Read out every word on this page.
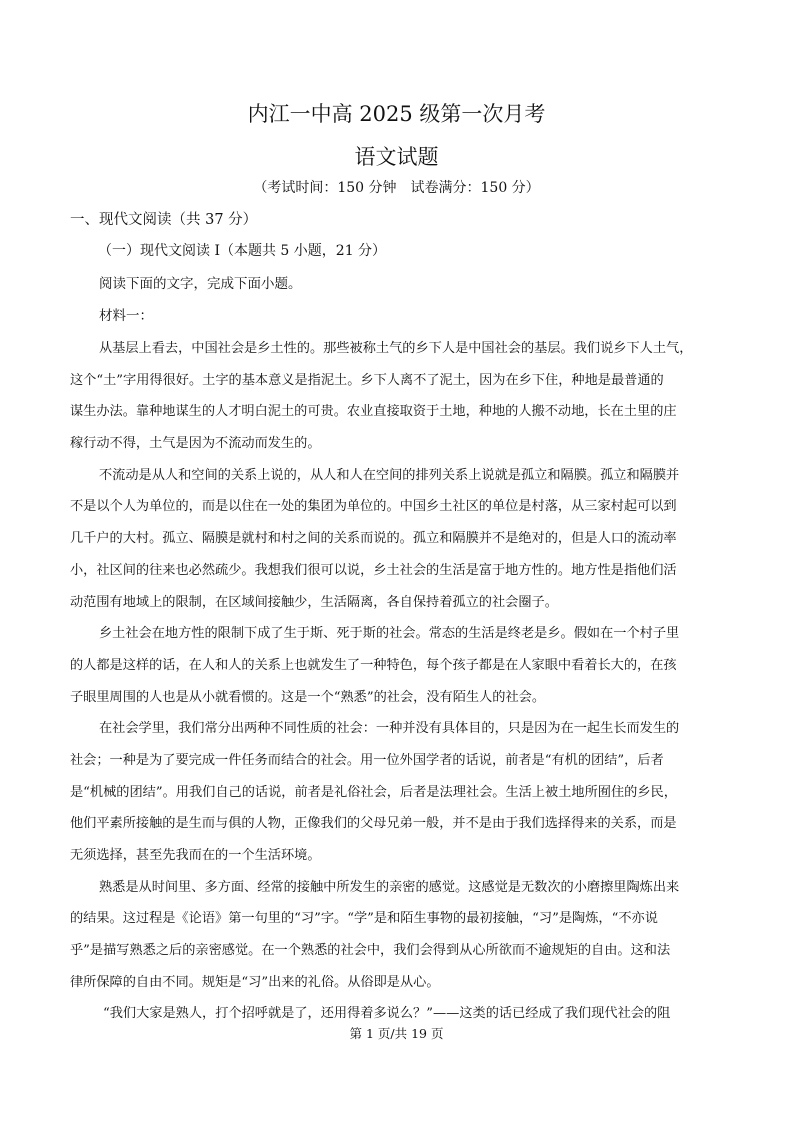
内江一中高 2025 级第一次月考
语文试题
（考试时间：150 分钟　试卷满分：150 分）
一、现代文阅读（共 37 分）
（一）现代文阅读 Ⅰ（本题共 5 小题，21 分）
阅读下面的文字，完成下面小题。
材料一：
从基层上看去，中国社会是乡土性的。那些被称土气的乡下人是中国社会的基层。我们说乡下人土气，
这个“土”字用得很好。土字的基本意义是指泥土。乡下人离不了泥土，因为在乡下住，种地是最普通的
谋生办法。靠种地谋生的人才明白泥土的可贵。农业直接取资于土地，种地的人搬不动地，长在土里的庄
稼行动不得，土气是因为不流动而发生的。
不流动是从人和空间的关系上说的，从人和人在空间的排列关系上说就是孤立和隔膜。孤立和隔膜并
不是以个人为单位的，而是以住在一处的集团为单位的。中国乡土社区的单位是村落，从三家村起可以到
几千户的大村。孤立、隔膜是就村和村之间的关系而说的。孤立和隔膜并不是绝对的，但是人口的流动率
小，社区间的往来也必然疏少。我想我们很可以说，乡土社会的生活是富于地方性的。地方性是指他们活
动范围有地域上的限制，在区域间接触少，生活隔离，各自保持着孤立的社会圈子。
乡土社会在地方性的限制下成了生于斯、死于斯的社会。常态的生活是终老是乡。假如在一个村子里
的人都是这样的话，在人和人的关系上也就发生了一种特色，每个孩子都是在人家眼中看着长大的，在孩
子眼里周围的人也是从小就看惯的。这是一个“熟悉”的社会，没有陌生人的社会。
在社会学里，我们常分出两种不同性质的社会：一种并没有具体目的，只是因为在一起生长而发生的
社会；一种是为了要完成一件任务而结合的社会。用一位外国学者的话说，前者是“有机的团结”，后者
是“机械的团结”。用我们自己的话说，前者是礼俗社会，后者是法理社会。生活上被土地所囿住的乡民，
他们平素所接触的是生而与俱的人物，正像我们的父母兄弟一般，并不是由于我们选择得来的关系，而是
无须选择，甚至先我而在的一个生活环境。
熟悉是从时间里、多方面、经常的接触中所发生的亲密的感觉。这感觉是无数次的小磨擦里陶炼出来
的结果。这过程是《论语》第一句里的“习”字。“学”是和陌生事物的最初接触，“习”是陶炼，“不亦说
乎”是描写熟悉之后的亲密感觉。在一个熟悉的社会中，我们会得到从心所欲而不逾规矩的自由。这和法
律所保障的自由不同。规矩是“习”出来的礼俗。从俗即是从心。
“我们大家是熟人，打个招呼就是了，还用得着多说么？”——这类的话已经成了我们现代社会的阻
第 1 页/共 19 页
